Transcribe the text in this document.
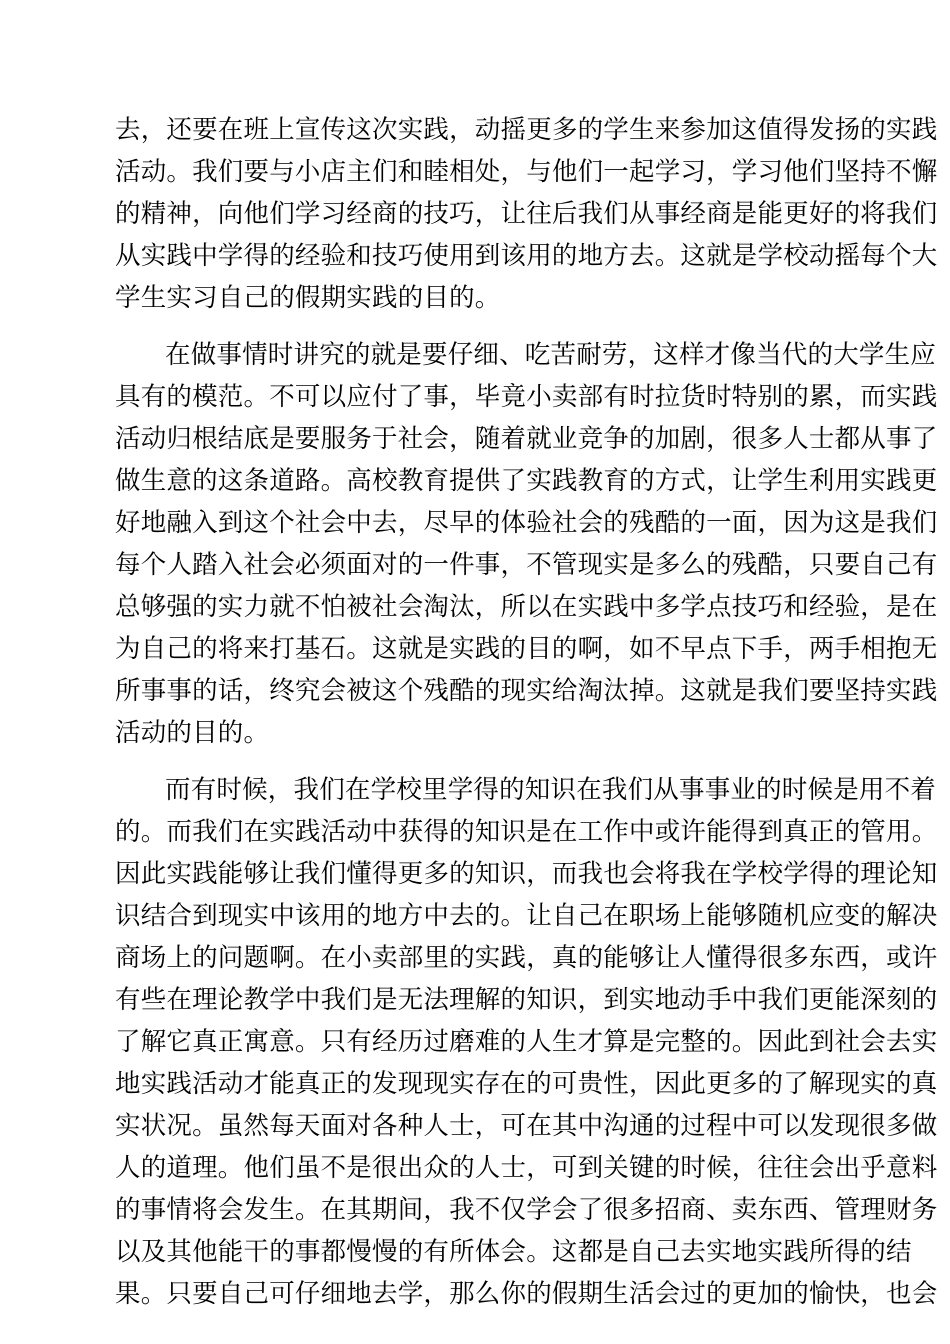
去，还要在班上宣传这次实践，动摇更多的学生来参加这值得发扬的实践
活动。我们要与小店主们和睦相处，与他们一起学习，学习他们坚持不懈
的精神，向他们学习经商的技巧，让往后我们从事经商是能更好的将我们
从实践中学得的经验和技巧使用到该用的地方去。这就是学校动摇每个大
学生实习自己的假期实践的目的。
在做事情时讲究的就是要仔细、吃苦耐劳，这样才像当代的大学生应
具有的模范。不可以应付了事，毕竟小卖部有时拉货时特别的累，而实践
活动归根结底是要服务于社会，随着就业竞争的加剧，很多人士都从事了
做生意的这条道路。高校教育提供了实践教育的方式，让学生利用实践更
好地融入到这个社会中去，尽早的体验社会的残酷的一面，因为这是我们
每个人踏入社会必须面对的一件事，不管现实是多么的残酷，只要自己有
总够强的实力就不怕被社会淘汰，所以在实践中多学点技巧和经验，是在
为自己的将来打基石。这就是实践的目的啊，如不早点下手，两手相抱无
所事事的话，终究会被这个残酷的现实给淘汰掉。这就是我们要坚持实践
活动的目的。
而有时候，我们在学校里学得的知识在我们从事事业的时候是用不着
的。而我们在实践活动中获得的知识是在工作中或许能得到真正的管用。
因此实践能够让我们懂得更多的知识，而我也会将我在学校学得的理论知
识结合到现实中该用的地方中去的。让自己在职场上能够随机应变的解决
商场上的问题啊。在小卖部里的实践，真的能够让人懂得很多东西，或许
有些在理论教学中我们是无法理解的知识，到实地动手中我们更能深刻的
了解它真正寓意。只有经历过磨难的人生才算是完整的。因此到社会去实
地实践活动才能真正的发现现实存在的可贵性，因此更多的了解现实的真
实状况。虽然每天面对各种人士，可在其中沟通的过程中可以发现很多做
人的道理。他们虽不是很出众的人士，可到关键的时候，往往会出乎意料
的事情将会发生。在其期间，我不仅学会了很多招商、卖东西、管理财务
以及其他能干的事都慢慢的有所体会。这都是自己去实地实践所得的结
果。只要自己可仔细地去学，那么你的假期生活会过的更加的愉快，也会
